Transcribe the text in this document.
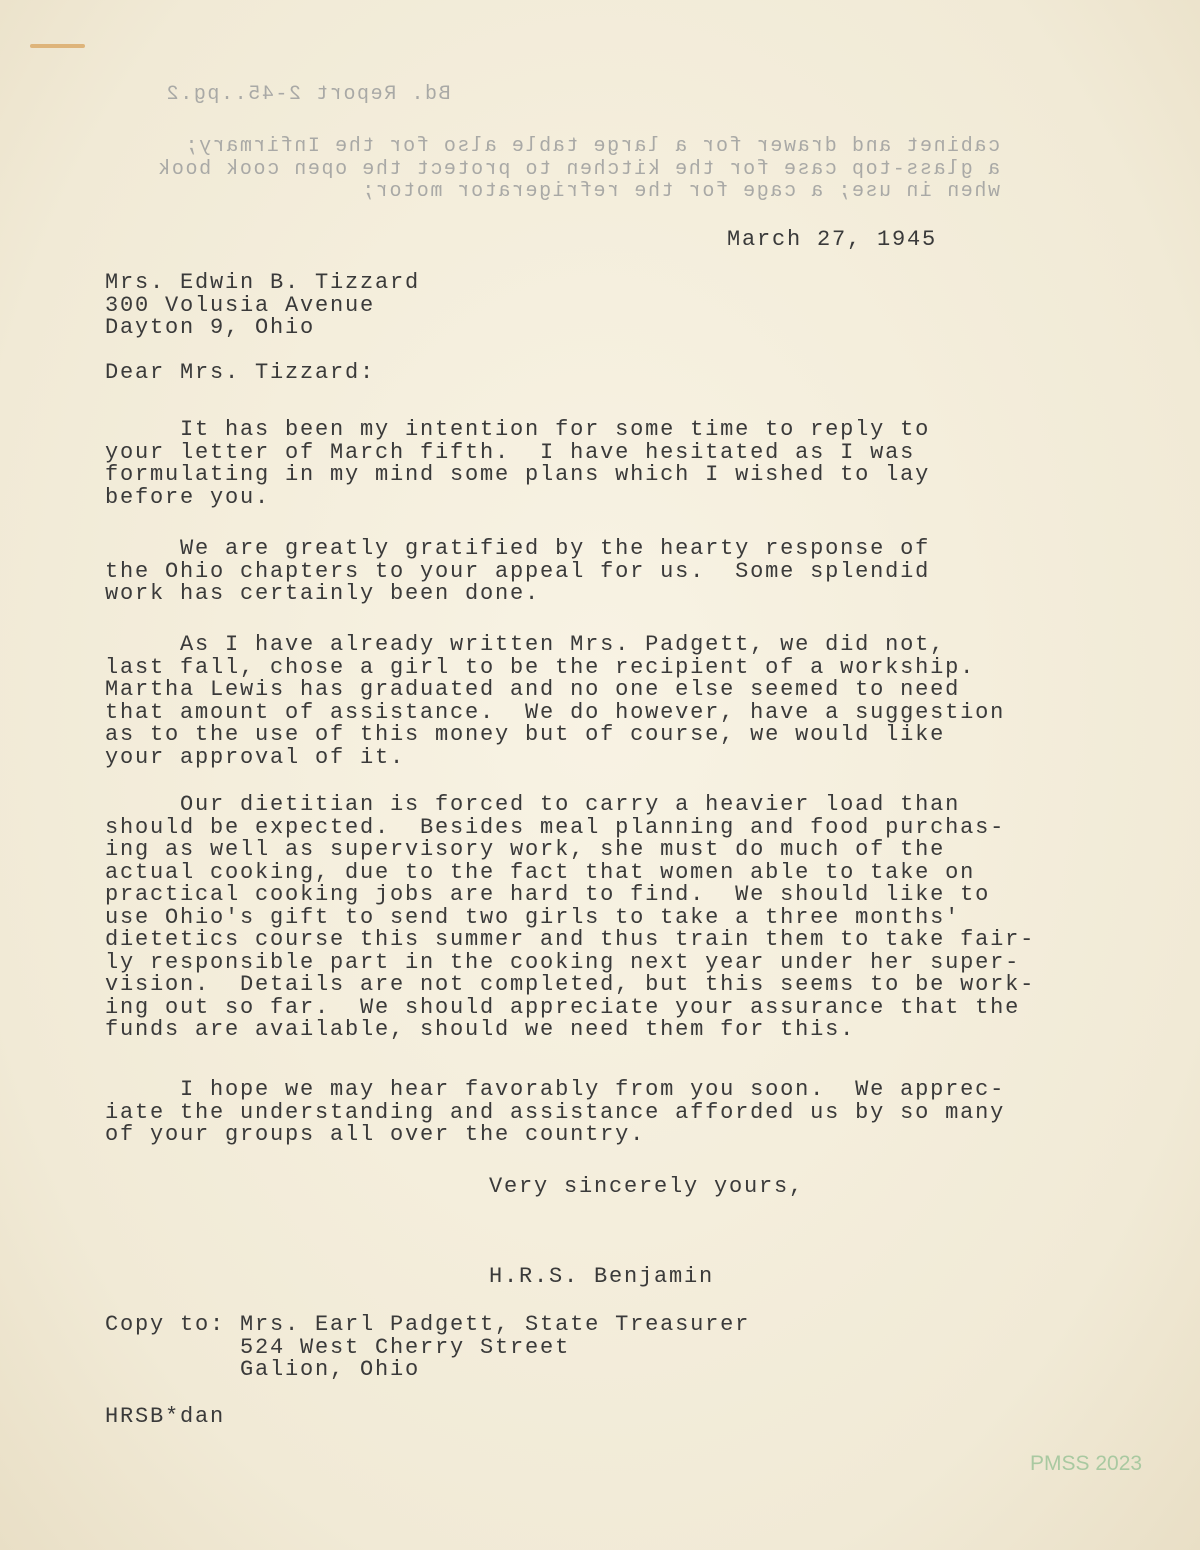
Bd. Report 2-45..pg.2
cabinet and drawer for a large table also for the Infirmary;
a glass-top case for the kitchen to protect the open cook book
when in use; a cage for the refrigerator motor;
March 27, 1945
Mrs. Edwin B. Tizzard
300 Volusia Avenue
Dayton 9, Ohio
Dear Mrs. Tizzard:
It has been my intention for some time to reply to
your letter of March fifth.  I have hesitated as I was
formulating in my mind some plans which I wished to lay
before you.
We are greatly gratified by the hearty response of
the Ohio chapters to your appeal for us.  Some splendid
work has certainly been done.
As I have already written Mrs. Padgett, we did not,
last fall, chose a girl to be the recipient of a workship.
Martha Lewis has graduated and no one else seemed to need
that amount of assistance.  We do however, have a suggestion
as to the use of this money but of course, we would like
your approval of it.
Our dietitian is forced to carry a heavier load than
should be expected.  Besides meal planning and food purchas-
ing as well as supervisory work, she must do much of the
actual cooking, due to the fact that women able to take on
practical cooking jobs are hard to find.  We should like to
use Ohio's gift to send two girls to take a three months'
dietetics course this summer and thus train them to take fair-
ly responsible part in the cooking next year under her super-
vision.  Details are not completed, but this seems to be work-
ing out so far.  We should appreciate your assurance that the
funds are available, should we need them for this.
I hope we may hear favorably from you soon.  We apprec-
iate the understanding and assistance afforded us by so many
of your groups all over the country.
Very sincerely yours,
H.R.S. Benjamin
Copy to: Mrs. Earl Padgett, State Treasurer
524 West Cherry Street
Galion, Ohio
HRSB*dan
PMSS 2023
